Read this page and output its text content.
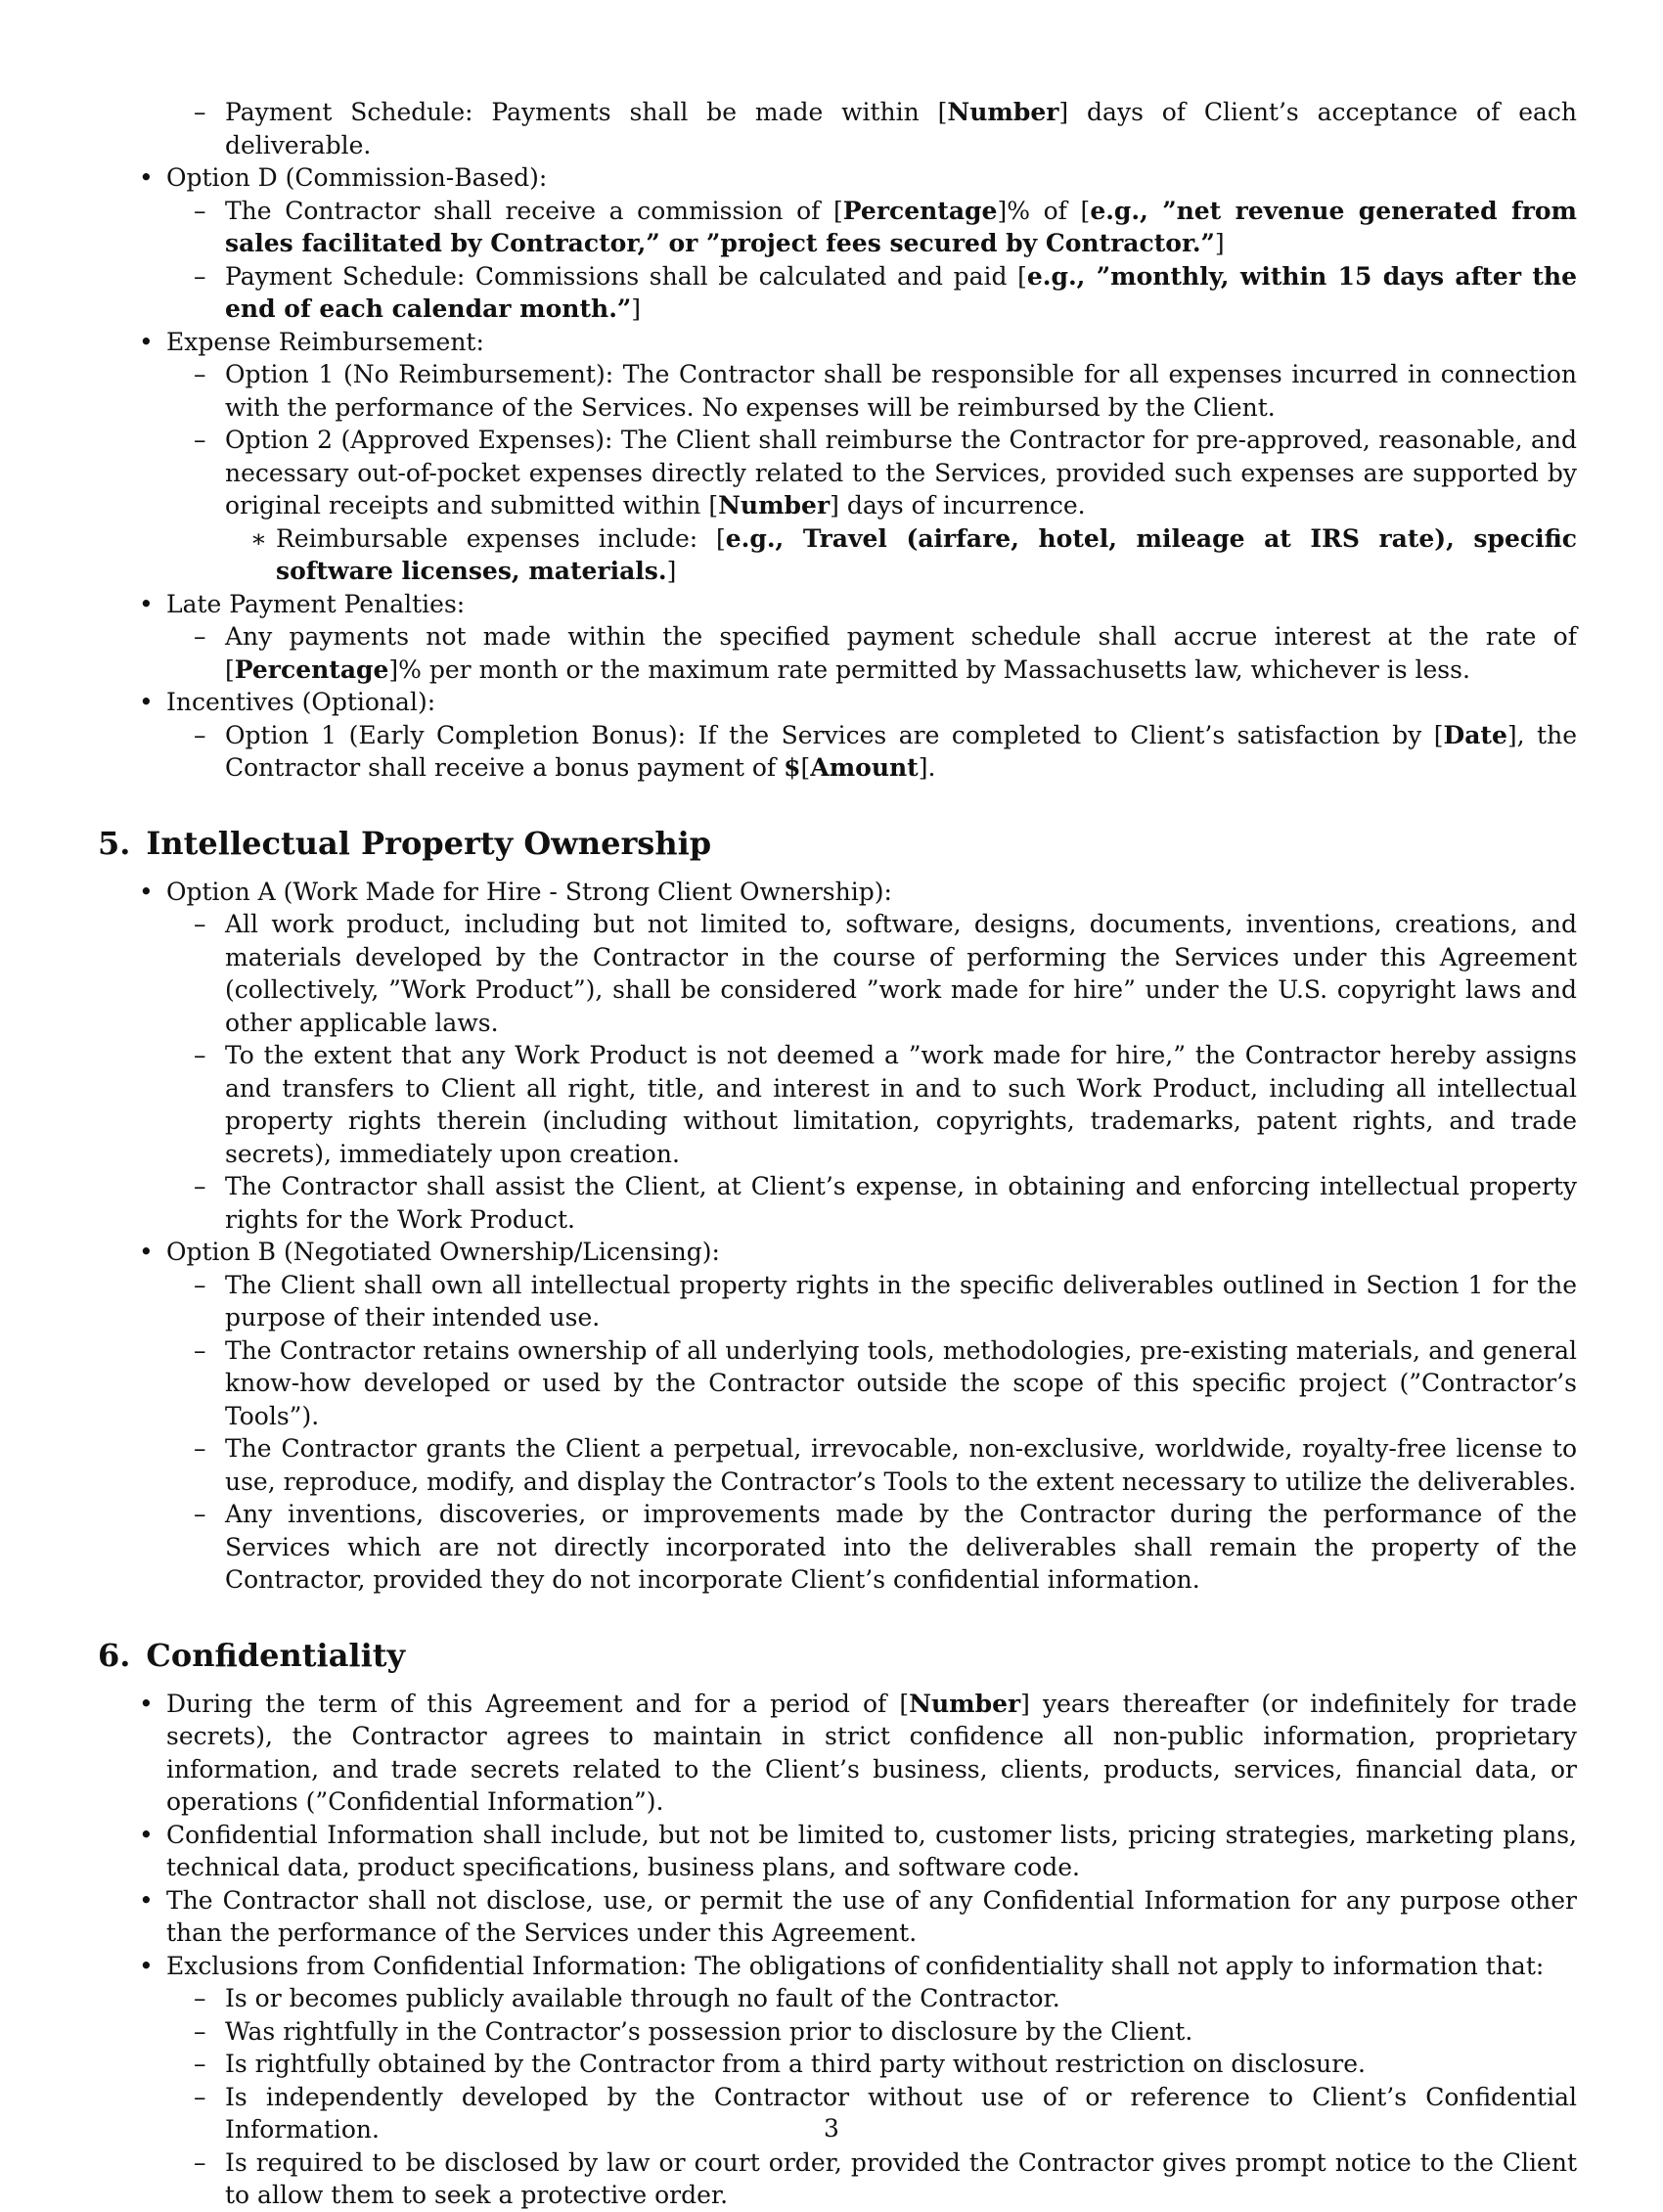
– Payment Schedule: Payments shall be made within [Number] days of Client’s acceptance of each deliverable.
• Option D (Commission-Based):
– The Contractor shall receive a commission of [Percentage]% of [e.g., ”net revenue generated from sales facilitated by Contractor,” or ”project fees secured by Contractor.”]
– Payment Schedule: Commissions shall be calculated and paid [e.g., ”monthly, within 15 days after the end of each calendar month.”]
• Expense Reimbursement:
– Option 1 (No Reimbursement): The Contractor shall be responsible for all expenses incurred in connection with the performance of the Services. No expenses will be reimbursed by the Client.
– Option 2 (Approved Expenses): The Client shall reimburse the Contractor for pre-approved, reasonable, and necessary out-of-pocket expenses directly related to the Services, provided such expenses are supported by original receipts and submitted within [Number] days of incurrence.
∗ Reimbursable expenses include: [e.g., Travel (airfare, hotel, mileage at IRS rate), specific software licenses, materials.]
• Late Payment Penalties:
– Any payments not made within the specified payment schedule shall accrue interest at the rate of [Percentage]% per month or the maximum rate permitted by Massachusetts law, whichever is less.
• Incentives (Optional):
– Option 1 (Early Completion Bonus): If the Services are completed to Client’s satisfaction by [Date], the Contractor shall receive a bonus payment of $[Amount].
5. Intellectual Property Ownership
• Option A (Work Made for Hire - Strong Client Ownership):
– All work product, including but not limited to, software, designs, documents, inventions, creations, and materials developed by the Contractor in the course of performing the Services under this Agreement (collectively, ”Work Product”), shall be considered ”work made for hire” under the U.S. copyright laws and other applicable laws.
– To the extent that any Work Product is not deemed a ”work made for hire,” the Contractor hereby assigns and transfers to Client all right, title, and interest in and to such Work Product, including all intellectual property rights therein (including without limitation, copyrights, trademarks, patent rights, and trade secrets), immediately upon creation.
– The Contractor shall assist the Client, at Client’s expense, in obtaining and enforcing intellectual property rights for the Work Product.
• Option B (Negotiated Ownership/Licensing):
– The Client shall own all intellectual property rights in the specific deliverables outlined in Section 1 for the purpose of their intended use.
– The Contractor retains ownership of all underlying tools, methodologies, pre-existing materials, and general know-how developed or used by the Contractor outside the scope of this specific project (”Contractor’s Tools”).
– The Contractor grants the Client a perpetual, irrevocable, non-exclusive, worldwide, royalty-free license to use, reproduce, modify, and display the Contractor’s Tools to the extent necessary to utilize the deliverables.
– Any inventions, discoveries, or improvements made by the Contractor during the performance of the Services which are not directly incorporated into the deliverables shall remain the property of the Contractor, provided they do not incorporate Client’s confidential information.
6. Confidentiality
• During the term of this Agreement and for a period of [Number] years thereafter (or indefinitely for trade secrets), the Contractor agrees to maintain in strict confidence all non-public information, proprietary information, and trade secrets related to the Client’s business, clients, products, services, financial data, or operations (”Confidential Information”).
• Confidential Information shall include, but not be limited to, customer lists, pricing strategies, marketing plans, technical data, product specifications, business plans, and software code.
• The Contractor shall not disclose, use, or permit the use of any Confidential Information for any purpose other than the performance of the Services under this Agreement.
• Exclusions from Confidential Information: The obligations of confidentiality shall not apply to information that:
– Is or becomes publicly available through no fault of the Contractor.
– Was rightfully in the Contractor’s possession prior to disclosure by the Client.
– Is rightfully obtained by the Contractor from a third party without restriction on disclosure.
– Is independently developed by the Contractor without use of or reference to Client’s Confidential Information.
– Is required to be disclosed by law or court order, provided the Contractor gives prompt notice to the Client to allow them to seek a protective order.
3
